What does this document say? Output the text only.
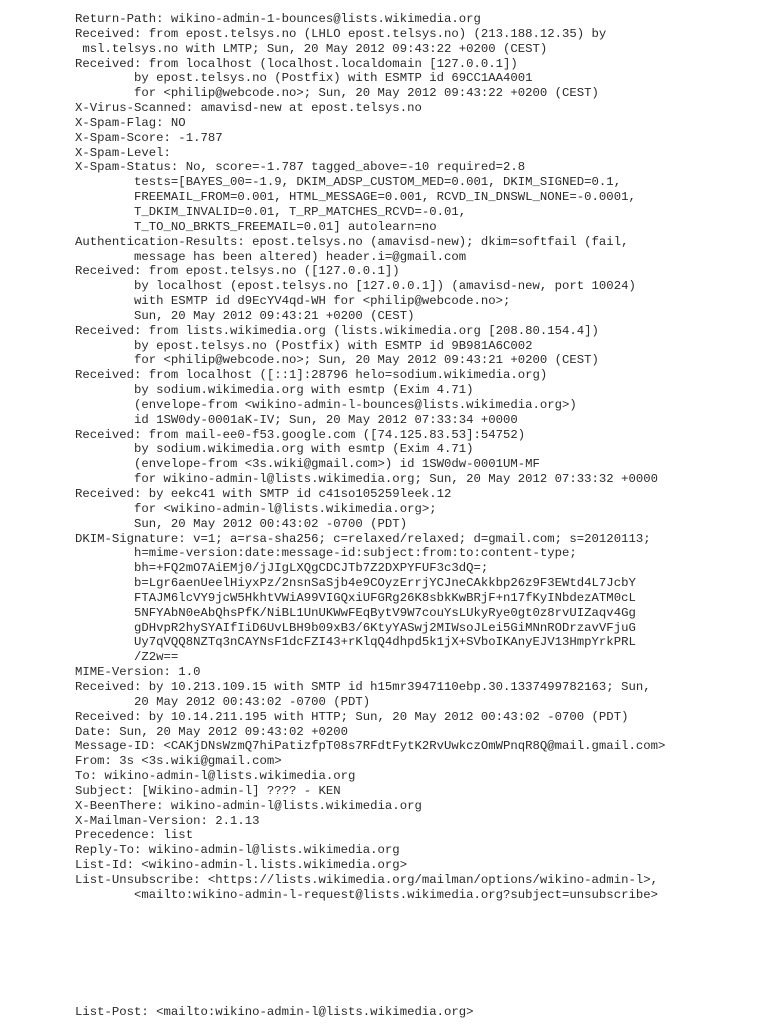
Return-Path: wikino-admin-1-bounces@lists.wikimedia.org
Received: from epost.telsys.no (LHLO epost.telsys.no) (213.188.12.35) by
msl.telsys.no with LMTP; Sun, 20 May 2012 09:43:22 +0200 (CEST)
Received: from localhost (localhost.localdomain [127.0.0.1])
by epost.telsys.no (Postfix) with ESMTP id 69CC1AA4001
for <philip@webcode.no>; Sun, 20 May 2012 09:43:22 +0200 (CEST)
X-Virus-Scanned: amavisd-new at epost.telsys.no
X-Spam-Flag: NO
X-Spam-Score: -1.787
X-Spam-Level:
X-Spam-Status: No, score=-1.787 tagged_above=-10 required=2.8
tests=[BAYES_00=-1.9, DKIM_ADSP_CUSTOM_MED=0.001, DKIM_SIGNED=0.1,
FREEMAIL_FROM=0.001, HTML_MESSAGE=0.001, RCVD_IN_DNSWL_NONE=-0.0001,
T_DKIM_INVALID=0.01, T_RP_MATCHES_RCVD=-0.01,
T_TO_NO_BRKTS_FREEMAIL=0.01] autolearn=no
Authentication-Results: epost.telsys.no (amavisd-new); dkim=softfail (fail,
message has been altered) header.i=@gmail.com
Received: from epost.telsys.no ([127.0.0.1])
by localhost (epost.telsys.no [127.0.0.1]) (amavisd-new, port 10024)
with ESMTP id d9EcYV4qd-WH for <philip@webcode.no>;
Sun, 20 May 2012 09:43:21 +0200 (CEST)
Received: from lists.wikimedia.org (lists.wikimedia.org [208.80.154.4])
by epost.telsys.no (Postfix) with ESMTP id 9B981A6C002
for <philip@webcode.no>; Sun, 20 May 2012 09:43:21 +0200 (CEST)
Received: from localhost ([::1]:28796 helo=sodium.wikimedia.org)
by sodium.wikimedia.org with esmtp (Exim 4.71)
(envelope-from <wikino-admin-l-bounces@lists.wikimedia.org>)
id 1SW0dy-0001aK-IV; Sun, 20 May 2012 07:33:34 +0000
Received: from mail-ee0-f53.google.com ([74.125.83.53]:54752)
by sodium.wikimedia.org with esmtp (Exim 4.71)
(envelope-from <3s.wiki@gmail.com>) id 1SW0dw-0001UM-MF
for wikino-admin-l@lists.wikimedia.org; Sun, 20 May 2012 07:33:32 +0000
Received: by eekc41 with SMTP id c41so105259leek.12
for <wikino-admin-l@lists.wikimedia.org>;
Sun, 20 May 2012 00:43:02 -0700 (PDT)
DKIM-Signature: v=1; a=rsa-sha256; c=relaxed/relaxed; d=gmail.com; s=20120113;
h=mime-version:date:message-id:subject:from:to:content-type;
bh=+FQ2mO7AiEMj0/jJIgLXQgCDCJTb7Z2DXPYFUF3c3dQ=;
b=Lgr6aenUeelHiyxPz/2nsnSaSjb4e9COyzErrjYCJneCAkkbp26z9F3EWtd4L7JcbY
FTAJM6lcVY9jcW5HkhtVWiA99VIGQxiUFGRg26K8sbkKwBRjF+n17fKyINbdezATM0cL
5NFYAbN0eAbQhsPfK/NiBL1UnUKWwFEqBytV9W7couYsLUkyRye0gt0z8rvUIZaqv4Gg
gDHvpR2hySYAIfIiD6UvLBH9b09xB3/6KtyYASwj2MIWsoJLei5GiMNnRODrzavVFjuG
Uy7qVQQ8NZTq3nCAYNsF1dcFZI43+rKlqQ4dhpd5k1jX+SVboIKAnyEJV13HmpYrkPRL
/Z2w==
MIME-Version: 1.0
Received: by 10.213.109.15 with SMTP id h15mr3947110ebp.30.1337499782163; Sun,
20 May 2012 00:43:02 -0700 (PDT)
Received: by 10.14.211.195 with HTTP; Sun, 20 May 2012 00:43:02 -0700 (PDT)
Date: Sun, 20 May 2012 09:43:02 +0200
Message-ID: <CAKjDNsWzmQ7hiPatizfpT08s7RFdtFytK2RvUwkczOmWPnqR8Q@mail.gmail.com>
From: 3s <3s.wiki@gmail.com>
To: wikino-admin-l@lists.wikimedia.org
Subject: [Wikino-admin-l] ???? - KEN
X-BeenThere: wikino-admin-l@lists.wikimedia.org
X-Mailman-Version: 2.1.13
Precedence: list
Reply-To: wikino-admin-l@lists.wikimedia.org
List-Id: <wikino-admin-l.lists.wikimedia.org>
List-Unsubscribe: <https://lists.wikimedia.org/mailman/options/wikino-admin-l>,
<mailto:wikino-admin-l-request@lists.wikimedia.org?subject=unsubscribe>
List-Post: <mailto:wikino-admin-l@lists.wikimedia.org>
